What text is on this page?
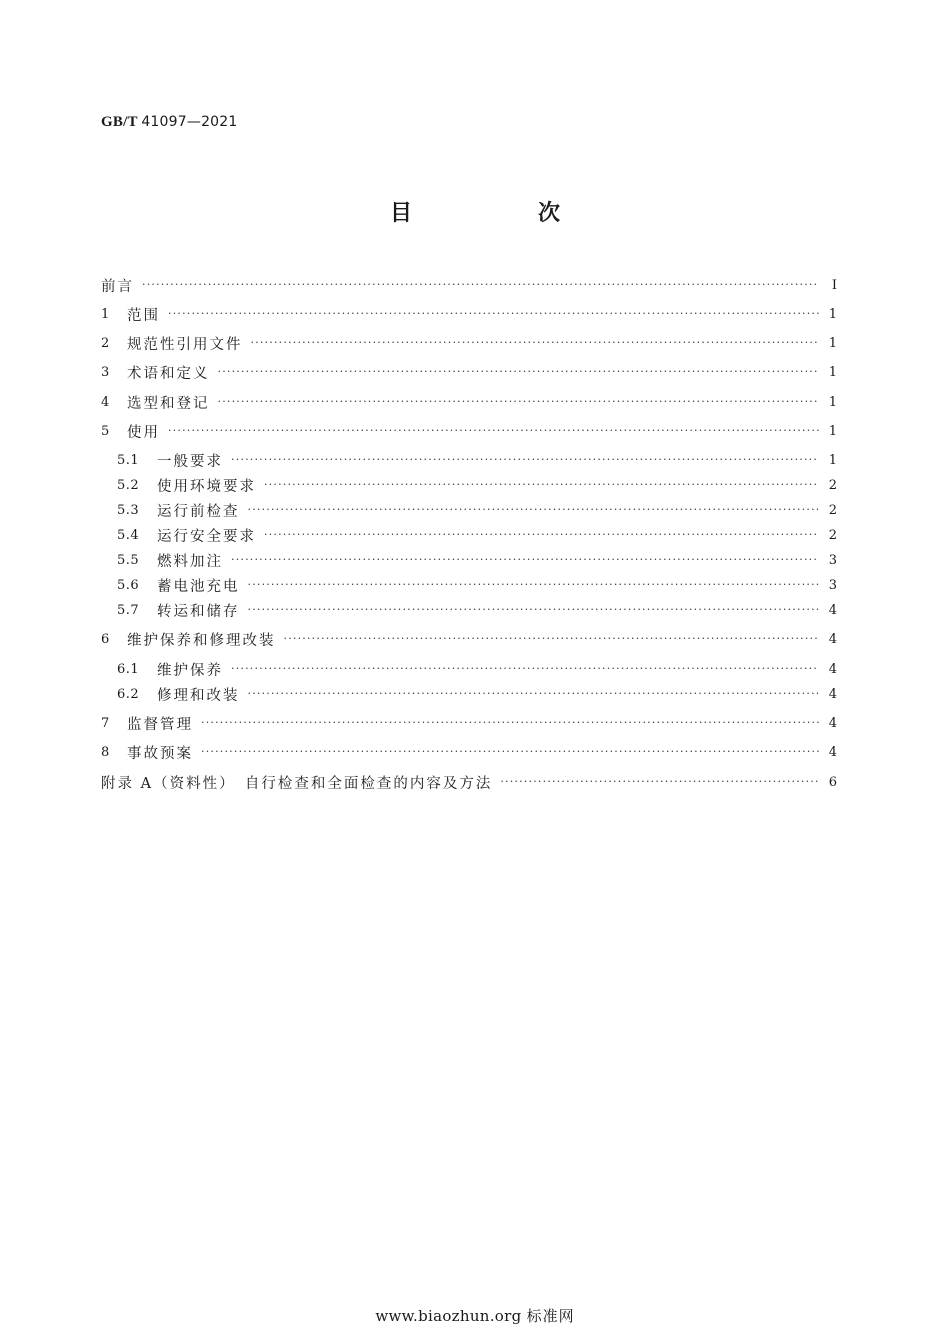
GB/T 41097—2021
目　次
前言 ·····	Ⅰ
1	范围 ·····	1
2	规范性引用文件 ·····	1
3	术语和定义 ·····	1
4	选型和登记 ·····	1
5	使用 ·····	1
5.1	一般要求 ·····	1
5.2	使用环境要求 ·····	2
5.3	运行前检查 ·····	2
5.4	运行安全要求 ·····	2
5.5	燃料加注 ·····	3
5.6	蓄电池充电 ·····	3
5.7	转运和储存 ·····	4
6	维护保养和修理改装 ·····	4
6.1	维护保养 ·····	4
6.2	修理和改装 ·····	4
7	监督管理 ·····	4
8	事故预案 ·····	4
附录 A（资料性）　自行检查和全面检查的内容及方法 ·····	6
www.biaozhun.org 标准网
